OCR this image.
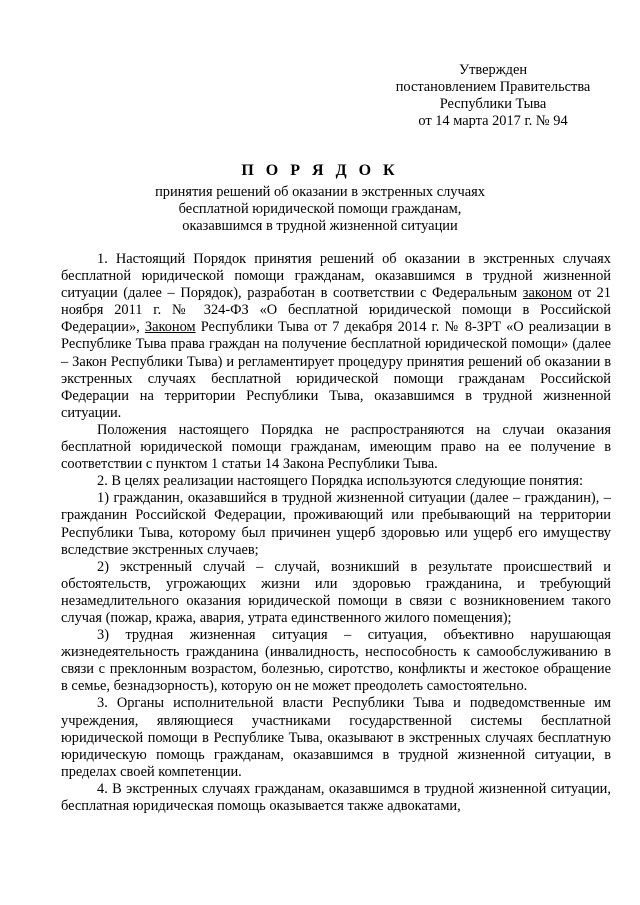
Утвержден
постановлением Правительства
Республики Тыва
от 14 марта 2017 г. № 94
П О Р Я Д О К
принятия решений об оказании в экстренных случаях
бесплатной юридической помощи гражданам,
оказавшимся в трудной жизненной ситуации

1. Настоящий Порядок принятия решений об оказании в экстренных случаях бесплатной юридической помощи гражданам, оказавшимся в трудной жизненной ситуации (далее – Порядок), разработан в соответствии с Федеральным законом от 21 ноября 2011 г. № 324-ФЗ «О бесплатной юридической помощи в Российской Федерации», Законом Республики Тыва от 7 декабря 2014 г. № 8-ЗРТ «О реализации в Республике Тыва права граждан на получение бесплатной юридической помощи» (далее – Закон Республики Тыва) и регламентирует процедуру принятия решений об оказании в экстренных случаях бесплатной юридической помощи гражданам Российской Федерации на территории Республики Тыва, оказавшимся в трудной жизненной ситуации.

Положения настоящего Порядка не распространяются на случаи оказания бесплатной юридической помощи гражданам, имеющим право на ее получение в соответствии с пунктом 1 статьи 14 Закона Республики Тыва.

2. В целях реализации настоящего Порядка используются следующие понятия:

1) гражданин, оказавшийся в трудной жизненной ситуации (далее – гражданин), – гражданин Российской Федерации, проживающий или пребывающий на территории Республики Тыва, которому был причинен ущерб здоровью или ущерб его имуществу вследствие экстренных случаев;

2) экстренный случай – случай, возникший в результате происшествий и обстоятельств, угрожающих жизни или здоровью гражданина, и требующий незамедлительного оказания юридической помощи в связи с возникновением такого случая (пожар, кража, авария, утрата единственного жилого помещения);

3) трудная жизненная ситуация – ситуация, объективно нарушающая жизнедеятельность гражданина (инвалидность, неспособность к самообслуживанию в связи с преклонным возрастом, болезнью, сиротство, конфликты и жестокое обращение в семье, безнадзорность), которую он не может преодолеть самостоятельно.

3. Органы исполнительной власти Республики Тыва и подведомственные им учреждения, являющиеся участниками государственной системы бесплатной юридической помощи в Республике Тыва, оказывают в экстренных случаях бесплатную юридическую помощь гражданам, оказавшимся в трудной жизненной ситуации, в пределах своей компетенции.

4. В экстренных случаях гражданам, оказавшимся в трудной жизненной ситуации, бесплатная юридическая помощь оказывается также адвокатами,
